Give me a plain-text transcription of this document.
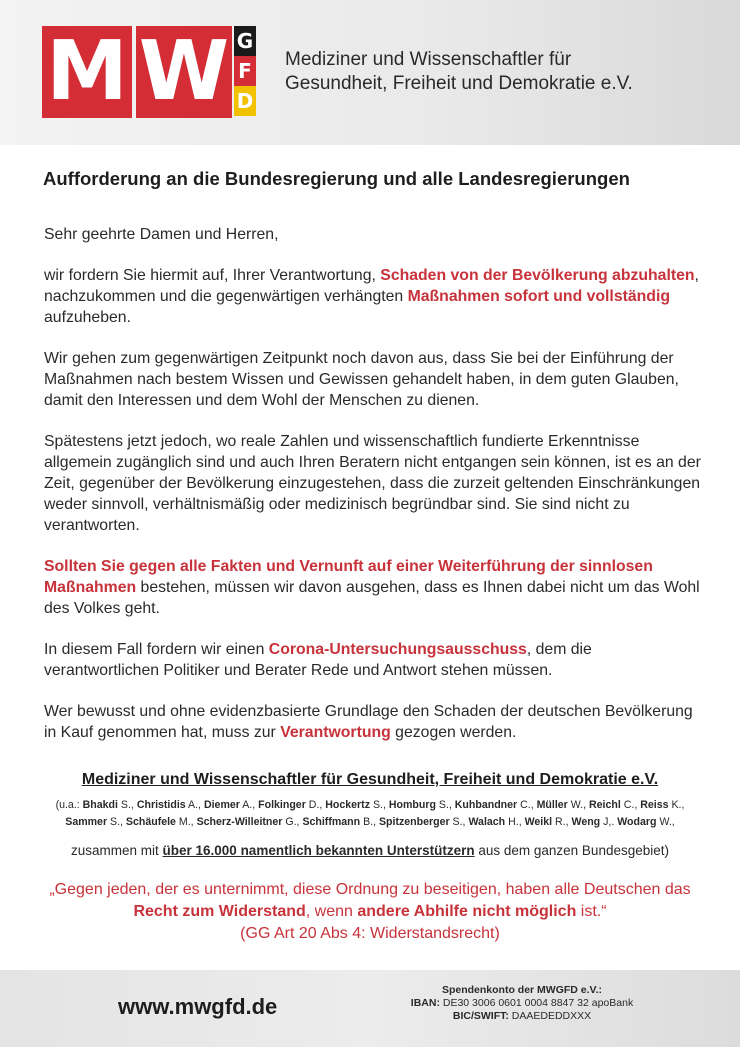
M W G
F
D
Mediziner und Wissenschaftler für
Gesundheit, Freiheit und Demokratie e.V.
Aufforderung an die Bundesregierung und alle Landesregierungen

Sehr geehrte Damen und Herren,

wir fordern Sie hiermit auf, Ihrer Verantwortung, Schaden von der Bevölkerung abzuhalten, nachzukommen und die gegenwärtigen verhängten Maßnahmen sofort und vollständig aufzuheben.

Wir gehen zum gegenwärtigen Zeitpunkt noch davon aus, dass Sie bei der Einführung der Maßnahmen nach bestem Wissen und Gewissen gehandelt haben, in dem guten Glauben, damit den Interessen und dem Wohl der Menschen zu dienen.

Spätestens jetzt jedoch, wo reale Zahlen und wissenschaftlich fundierte Erkenntnisse allgemein zugänglich sind und auch Ihren Beratern nicht entgangen sein können, ist es an der Zeit, gegenüber der Bevölkerung einzugestehen, dass die zurzeit geltenden Einschränkungen weder sinnvoll, verhältnismäßig oder medizinisch begründbar sind. Sie sind nicht zu verantworten.

Sollten Sie gegen alle Fakten und Vernunft auf einer Weiterführung der sinnlosen Maßnahmen bestehen, müssen wir davon ausgehen, dass es Ihnen dabei nicht um das Wohl des Volkes geht.

In diesem Fall fordern wir einen Corona-Untersuchungsausschuss, dem die verantwortlichen Politiker und Berater Rede und Antwort stehen müssen.

Wer bewusst und ohne evidenzbasierte Grundlage den Schaden der deutschen Bevölkerung in Kauf genommen hat, muss zur Verantwortung gezogen werden.

Mediziner und Wissenschaftler für Gesundheit, Freiheit und Demokratie e.V.
(u.a.: Bhakdi S., Christidis A., Diemer A., Folkinger D., Hockertz S., Homburg S., Kuhbandner C., Müller W., Reichl C., Reiss K., Sammer S., Schäufele M., Scherz-Willeitner G., Schiffmann B., Spitzenberger S., Walach H., Weikl R., Weng J,. Wodarg W.,
zusammen mit über 16.000 namentlich bekannten Unterstützern aus dem ganzen Bundesgebiet)
„Gegen jeden, der es unternimmt, diese Ordnung zu beseitigen, haben alle Deutschen das Recht zum Widerstand, wenn andere Abhilfe nicht möglich ist.“
(GG Art 20 Abs 4: Widerstandsrecht)
www.mwgfd.de
Spendenkonto der MWGFD e.V.:
IBAN: DE30 3006 0601 0004 8847 32 apoBank
BIC/SWIFT: DAAEDEDDXXX
